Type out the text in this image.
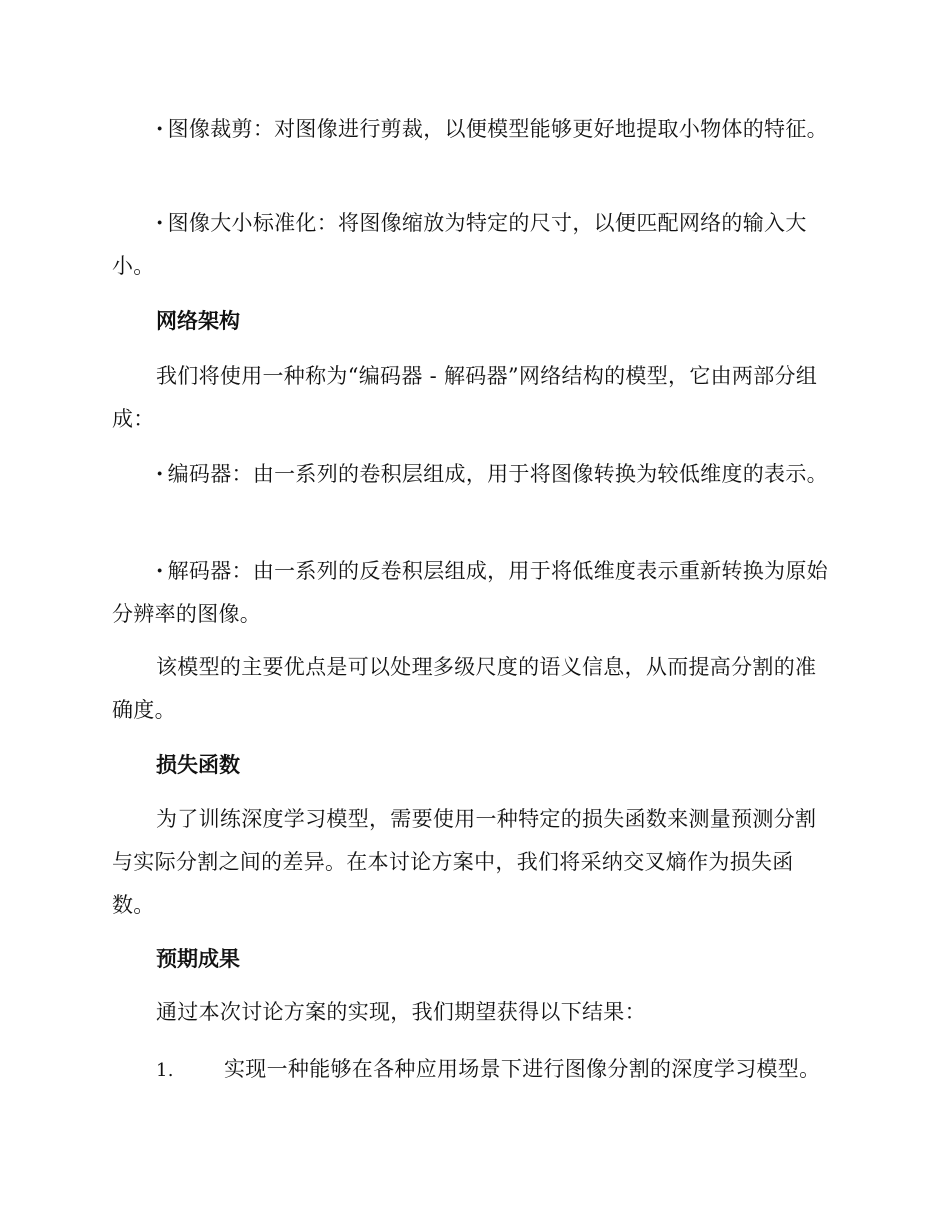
· 图像裁剪：对图像进行剪裁，以便模型能够更好地提取小物体的特征。

· 图像大小标准化：将图像缩放为特定的尺寸，以便匹配网络的输入大小。

网络架构

我们将使用一种称为“编码器 - 解码器”网络结构的模型，它由两部分组成：

· 编码器：由一系列的卷积层组成，用于将图像转换为较低维度的表示。

· 解码器：由一系列的反卷积层组成，用于将低维度表示重新转换为原始分辨率的图像。

该模型的主要优点是可以处理多级尺度的语义信息，从而提高分割的准确度。

损失函数

为了训练深度学习模型，需要使用一种特定的损失函数来测量预测分割与实际分割之间的差异。在本讨论方案中，我们将采纳交叉熵作为损失函数。

预期成果

通过本次讨论方案的实现，我们期望获得以下结果：

1. 实现一种能够在各种应用场景下进行图像分割的深度学习模型。
